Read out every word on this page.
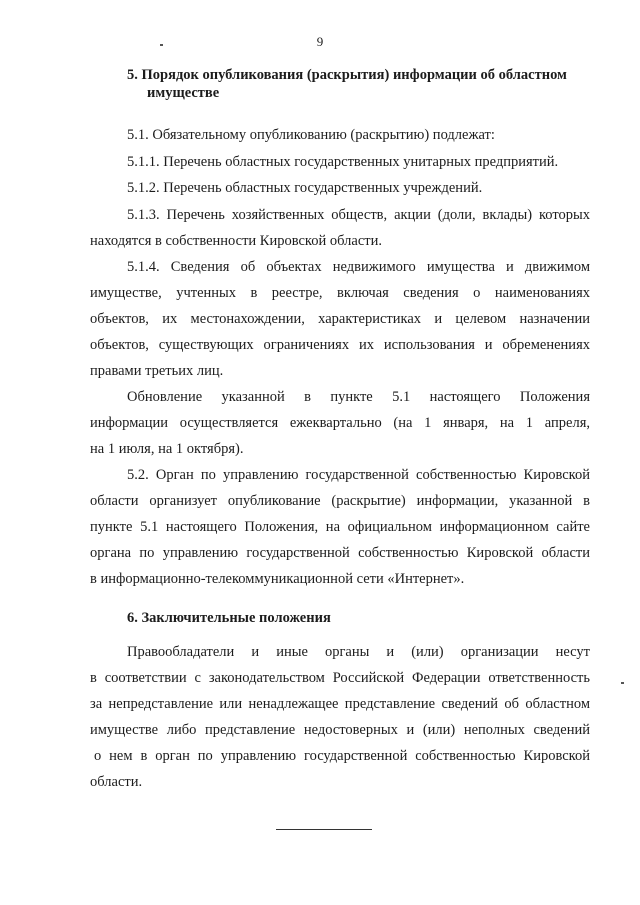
9
5. Порядок опубликования (раскрытия) информации об областном
имуществе
5.1. Обязательному опубликованию (раскрытию) подлежат:
5.1.1. Перечень областных государственных унитарных предприятий.
5.1.2. Перечень областных государственных учреждений.
5.1.3. Перечень хозяйственных обществ, акции (доли, вклады) которых
находятся в собственности Кировской области.
5.1.4. Сведения об объектах недвижимого имущества и движимом
имуществе, учтенных в реестре, включая сведения о наименованиях
объектов, их местонахождении, характеристиках и целевом назначении
объектов, существующих ограничениях их использования и обременениях
правами третьих лиц.
Обновление указанной в пункте 5.1 настоящего Положения
информации осуществляется ежеквартально (на 1 января, на 1 апреля,
на 1 июля, на 1 октября).
5.2. Орган по управлению государственной собственностью Кировской
области организует опубликование (раскрытие) информации, указанной в
пункте 5.1 настоящего Положения, на официальном информационном сайте
органа по управлению государственной собственностью Кировской области
в информационно-телекоммуникационной сети «Интернет».
6. Заключительные положения
Правообладатели и иные органы и (или) организации несут
в соответствии с законодательством Российской Федерации ответственность
за непредставление или ненадлежащее представление сведений об областном
имуществе либо представление недостоверных и (или) неполных сведений
о нем в орган по управлению государственной собственностью Кировской
области.
